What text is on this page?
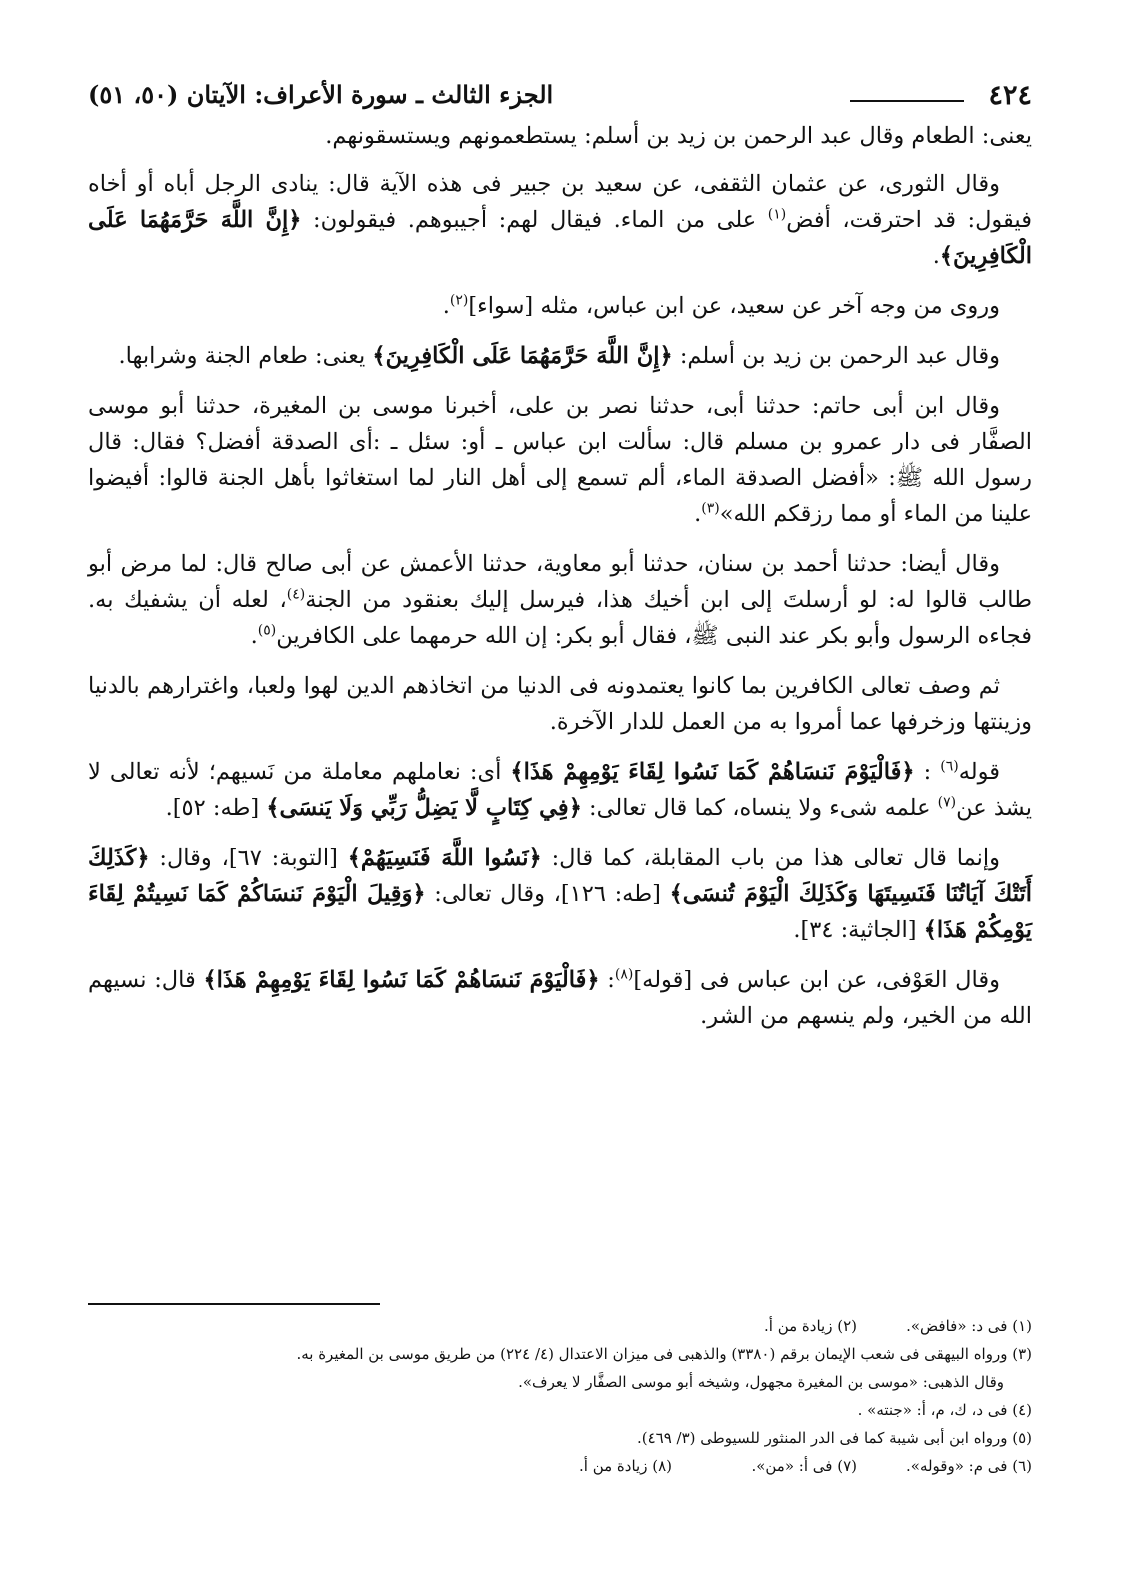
٤٢٤
الجزء الثالث ـ سورة الأعراف: الآيتان (٥٠، ٥١)

يعنى: الطعام وقال عبد الرحمن بن زيد بن أسلم: يستطعمونهم ويستسقونهم.

وقال الثورى، عن عثمان الثقفى، عن سعيد بن جبير فى هذه الآية قال: ينادى الرجل أباه أو أخاه فيقول: قد احترقت، أفض$^{(١)}$ على من الماء. فيقال لهم: أجيبوهم. فيقولون: ﴿إِنَّ اللَّهَ حَرَّمَهُمَا عَلَى الْكَافِرِينَ﴾.

وروى من وجه آخر عن سعيد، عن ابن عباس، مثله [سواء]$^{(٢)}$.

وقال عبد الرحمن بن زيد بن أسلم: ﴿إِنَّ اللَّهَ حَرَّمَهُمَا عَلَى الْكَافِرِينَ﴾ يعنى: طعام الجنة وشرابها.

وقال ابن أبى حاتم: حدثنا أبى، حدثنا نصر بن على، أخبرنا موسى بن المغيرة، حدثنا أبو موسى الصفَّار فى دار عمرو بن مسلم قال: سألت ابن عباس ـ أو: سئل ـ :أى الصدقة أفضل؟ فقال: قال رسول الله ﷺ: «أفضل الصدقة الماء، ألم تسمع إلى أهل النار لما استغاثوا بأهل الجنة قالوا: أفيضوا علينا من الماء أو مما رزقكم الله»$^{(٣)}$.

وقال أيضا: حدثنا أحمد بن سنان، حدثنا أبو معاوية، حدثنا الأعمش عن أبى صالح قال: لما مرض أبو طالب قالوا له: لو أرسلتَ إلى ابن أخيك هذا، فيرسل إليك بعنقود من الجنة$^{(٤)}$، لعله أن يشفيك به. فجاءه الرسول وأبو بكر عند النبى ﷺ، فقال أبو بكر: إن الله حرمهما على الكافرين$^{(٥)}$.

ثم وصف تعالى الكافرين بما كانوا يعتمدونه فى الدنيا من اتخاذهم الدين لهوا ولعبا، واغترارهم بالدنيا وزينتها وزخرفها عما أمروا به من العمل للدار الآخرة.

قوله$^{(٦)}$ : ﴿فَالْيَوْمَ نَنسَاهُمْ كَمَا نَسُوا لِقَاءَ يَوْمِهِمْ هَذَا﴾ أى: نعاملهم معاملة من نَسيهم؛ لأنه تعالى لا يشذ عن$^{(٧)}$ علمه شىء ولا ينساه، كما قال تعالى: ﴿فِي كِتَابٍ لَّا يَضِلُّ رَبِّي وَلَا يَنسَى﴾ [طه: ٥٢].

وإنما قال تعالى هذا من باب المقابلة، كما قال: ﴿نَسُوا اللَّهَ فَنَسِيَهُمْ﴾ [التوبة: ٦٧]، وقال: ﴿كَذَلِكَ أَتَتْكَ آيَاتُنَا فَنَسِيتَهَا وَكَذَلِكَ الْيَوْمَ تُنسَى﴾ [طه: ١٢٦]، وقال تعالى: ﴿وَقِيلَ الْيَوْمَ نَنسَاكُمْ كَمَا نَسِيتُمْ لِقَاءَ يَوْمِكُمْ هَذَا﴾ [الجاثية: ٣٤].

وقال العَوْفى، عن ابن عباس فى [قوله]$^{(٨)}$: ﴿فَالْيَوْمَ نَنسَاهُمْ كَمَا نَسُوا لِقَاءَ يَوْمِهِمْ هَذَا﴾ قال: نسيهم الله من الخير، ولم ينسهم من الشر.

(١) فى د: «فافض».
(٢) زيادة من أ.
(٣) ورواه البيهقى فى شعب الإيمان برقم (٣٣٨٠) والذهبى فى ميزان الاعتدال (٤/ ٢٢٤) من طريق موسى بن المغيرة به.
وقال الذهبى: «موسى بن المغيرة مجهول، وشيخه أبو موسى الصفَّار لا يعرف».
(٤) فى د، ك، م، أ: «جنته» .
(٥) ورواه ابن أبى شيبة كما فى الدر المنثور للسيوطى (٣/ ٤٦٩).
(٦) فى م: «وقوله».
(٧) فى أ: «من».
(٨) زيادة من أ.
